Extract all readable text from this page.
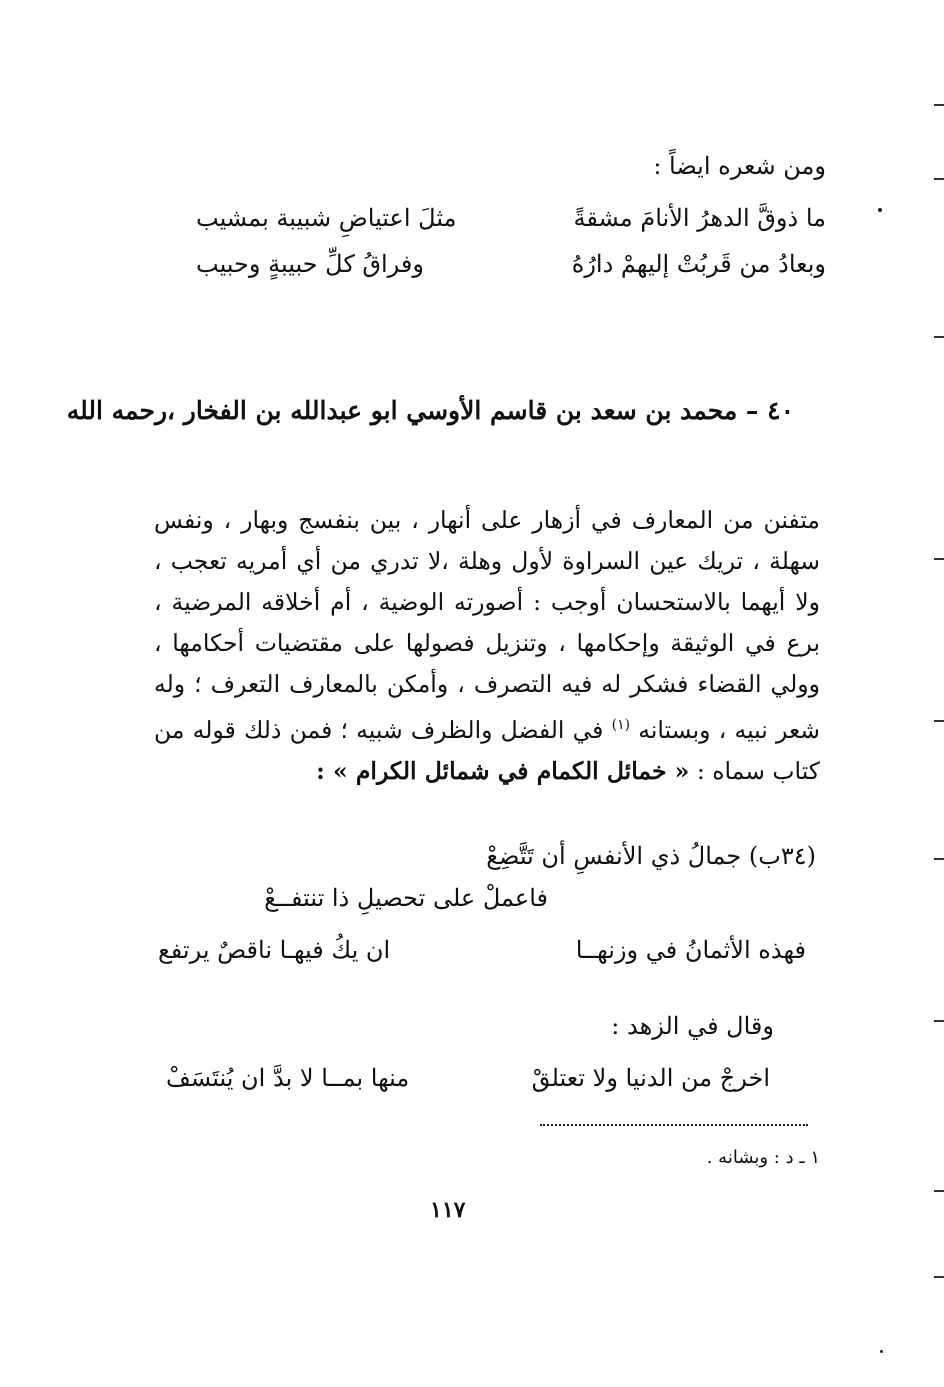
ومن شعره ايضاً :
ما ذوقَّ الدهرُ الأنامَ مشقةً
مثلَ اعتياضِ شبيبة بمشيب
وبعادُ من قَربُتْ إليهمْ دارُهُ
وفراقُ كلِّ حبيبةٍ وحبيب
٤٠ – محمد بن سعد بن قاسم الأوسي ابو عبدالله بن الفخار ،رحمه الله
متفنن من المعارف في أزهار على أنهار ، بين بنفسج وبهار ، ونفس سهلة ، تريك عين السراوة لأول وهلة ،لا تدري من أي أمريه تعجب ، ولا أيهما بالاستحسان أوجب : أصورته الوضية ، أم أخلاقه المرضية ، برع في الوثيقة وإحكامها ، وتنزيل فصولها على مقتضيات أحكامها ، وولي القضاء فشكر له فيه التصرف ، وأمكن بالمعارف التعرف ؛ وله شعر نبيه ، وبستانه $^{(١)}$ في الفضل والظرف شبيه ؛ فمن ذلك قوله من كتاب سماه : « خمائل الكمام في شمائل الكرام » :
(٣٤ب) جمالُ ذي الأنفسِ أن تَتَّضِعْ
فاعملْ على تحصيلِ ذا تنتفــعْ
فهذه الأثمانُ في وزنهــا
ان يكُ فيهـا ناقصٌ يرتفع
وقال في الزهد :
اخرجْ من الدنيا ولا تعتلقْ
منها بمــا لا بدَّ ان يُنتَسَفْ
١ ـ د : وبشانه .
١١٧
